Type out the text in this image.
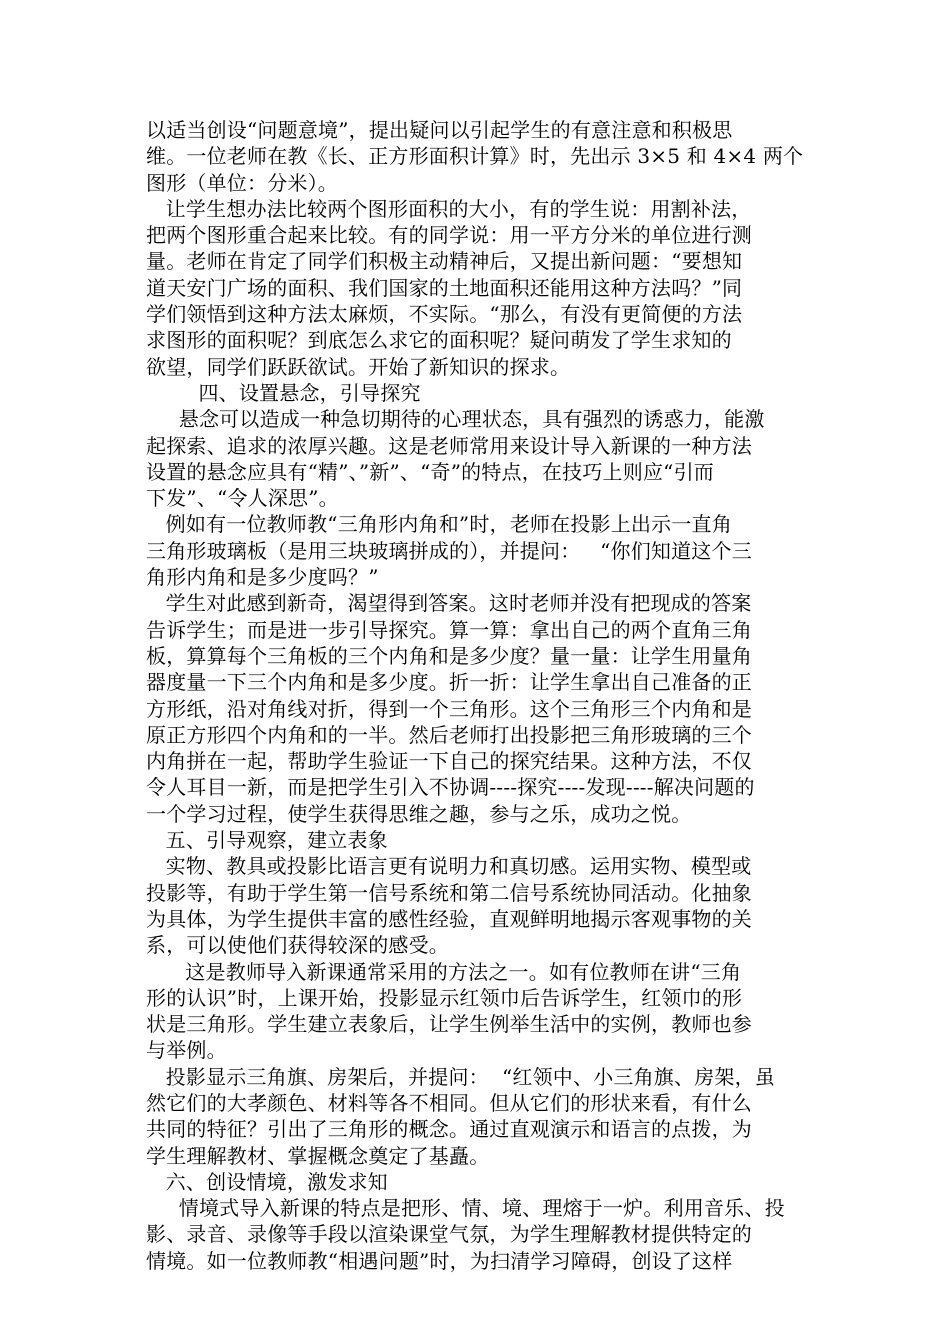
以适当创设“问题意境”，提出疑问以引起学生的有意注意和积极思
维。一位老师在教《长、正方形面积计算》时，先出示 3×5 和 4×4 两个
图形（单位：分米）。
让学生想办法比较两个图形面积的大小，有的学生说：用割补法，
把两个图形重合起来比较。有的同学说：用一平方分米的单位进行测
量。老师在肯定了同学们积极主动精神后，又提出新问题：“要想知
道天安门广场的面积、我们国家的土地面积还能用这种方法吗？”同
学们领悟到这种方法太麻烦，不实际。“那么，有没有更简便的方法
求图形的面积呢？到底怎么求它的面积呢？疑问萌发了学生求知的
欲望，同学们跃跃欲试。开始了新知识的探求。
四、设置悬念，引导探究
悬念可以造成一种急切期待的心理状态，具有强烈的诱惑力，能激
起探索、追求的浓厚兴趣。这是老师常用来设计导入新课的一种方法
设置的悬念应具有“精”、”新”、“奇”的特点，在技巧上则应“引而
下发”、“令人深思”。
例如有一位教师教“三角形内角和”时，老师在投影上出示一直角
三角形玻璃板（是用三块玻璃拼成的），并提问：   “你们知道这个三
角形内角和是多少度吗？”
学生对此感到新奇，渴望得到答案。这时老师并没有把现成的答案
告诉学生；而是进一步引导探究。算一算：拿出自己的两个直角三角
板，算算每个三角板的三个内角和是多少度？量一量：让学生用量角
器度量一下三个内角和是多少度。折一折：让学生拿出自己准备的正
方形纸，沿对角线对折，得到一个三角形。这个三角形三个内角和是
原正方形四个内角和的一半。然后老师打出投影把三角形玻璃的三个
内角拼在一起，帮助学生验证一下自己的探究结果。这种方法，不仅
令人耳目一新，而是把学生引入不协调----探究----发现----解决问题的
一个学习过程，使学生获得思维之趣，参与之乐，成功之悦。
五、引导观察，建立表象
实物、教具或投影比语言更有说明力和真切感。运用实物、模型或
投影等，有助于学生第一信号系统和第二信号系统协同活动。化抽象
为具体，为学生提供丰富的感性经验，直观鲜明地揭示客观事物的关
系，可以使他们获得较深的感受。
这是教师导入新课通常采用的方法之一。如有位教师在讲“三角
形的认识”时，上课开始，投影显示红领巾后告诉学生，红领巾的形
状是三角形。学生建立表象后，让学生例举生活中的实例，教师也参
与举例。
投影显示三角旗、房架后，并提问：  “红领中、小三角旗、房架，虽
然它们的大孝颜色、材料等各不相同。但从它们的形状来看，有什么
共同的特征？引出了三角形的概念。通过直观演示和语言的点拨，为
学生理解教材、掌握概念奠定了基矗。
六、创设情境，激发求知
情境式导入新课的特点是把形、情、境、理熔于一炉。利用音乐、投
影、录音、录像等手段以渲染课堂气氛，为学生理解教材提供特定的
情境。如一位教师教“相遇问题”时，为扫清学习障碍，创设了这样
